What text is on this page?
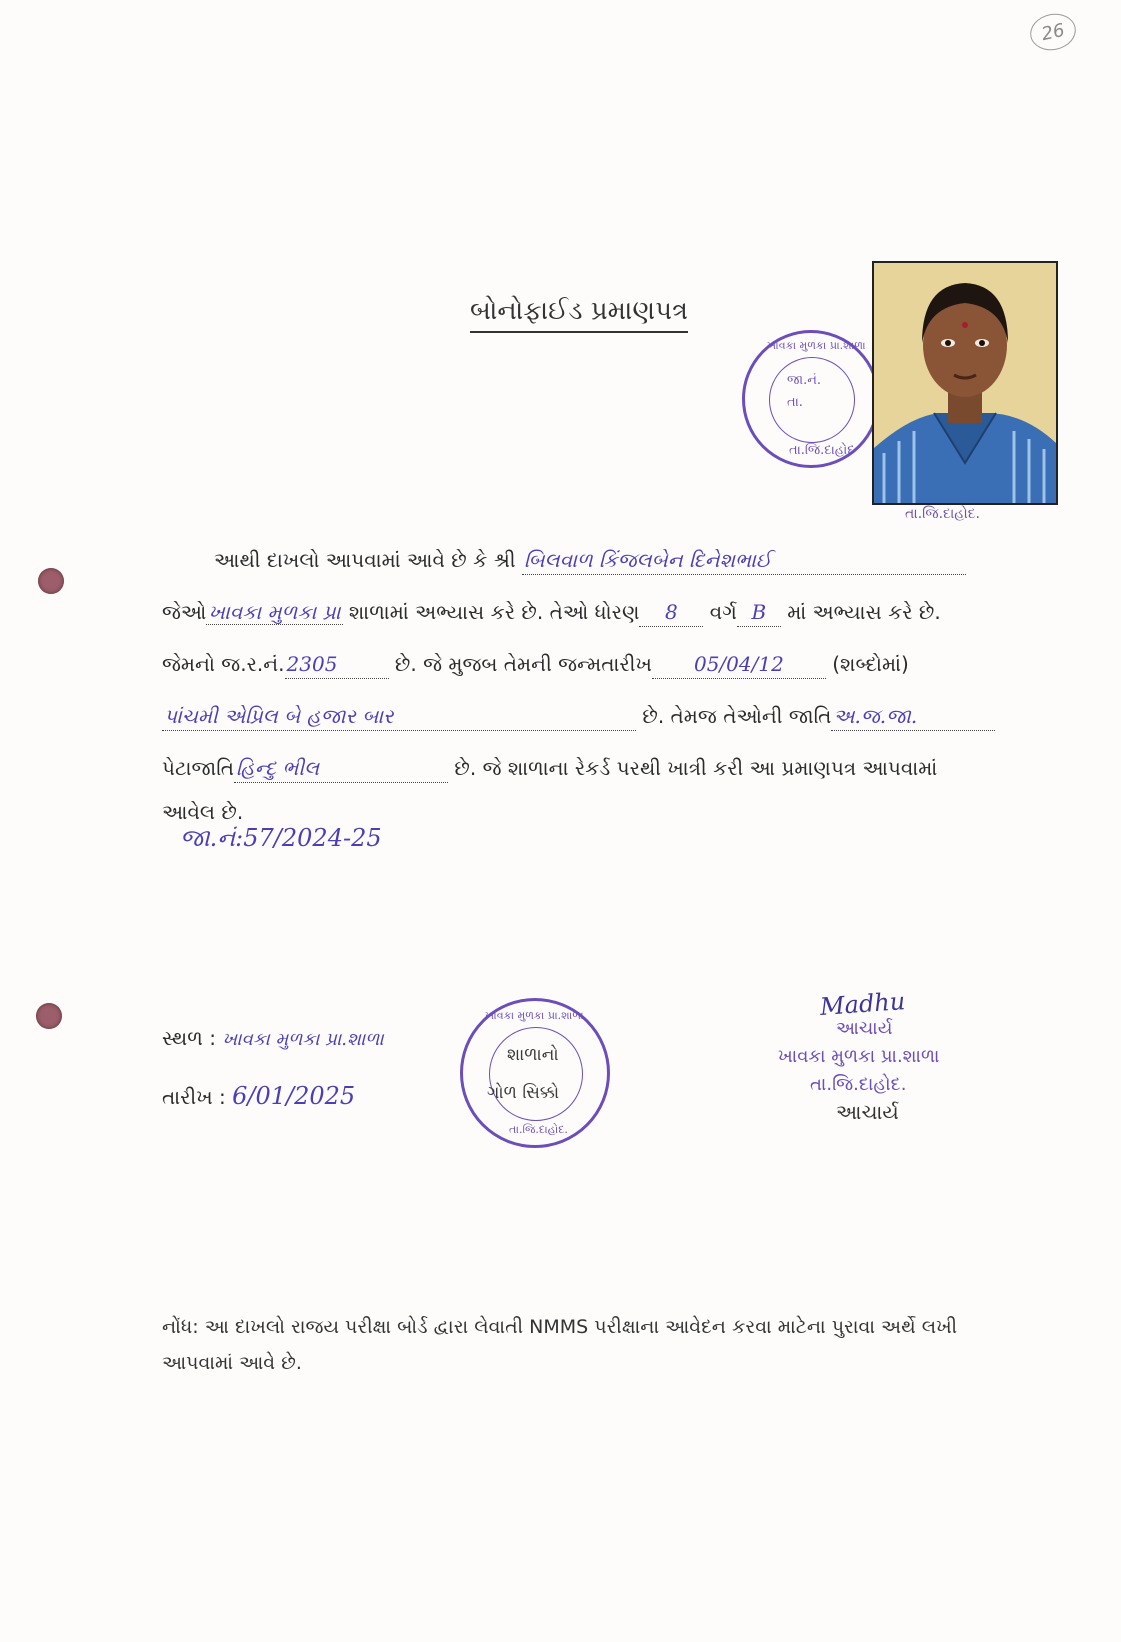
26
બોનોફાઈડ પ્રમાણપત્ર
ખાવકા મુળકા પ્રા.શાળા
જા.નં.
તા.
તા.જિ.દાહોદ
તા.જિ.દાહોદ.
આથી દાખલો આપવામાં આવે છે કે શ્રી બિલવાળ કિંજલબેન દિનેશભાઈ
જેઓ ખાવકા મુળકા પ્રા શાળામાં અભ્યાસ કરે છે. તેઓ ધોરણ 8 વર્ગ B માં અભ્યાસ કરે છે.
જેમનો જ.ર.નં. 2305	છે. જે મુજબ તેમની જન્મતારીખ 05/04/12 (શબ્દોમાં)
પાંચમી એપ્રિલ બે હજાર બાર	છે. તેમજ તેઓની જાતિ અ.જ.જા.
પેટાજાતિ હિન્દુ ભીલ	છે. જે શાળાના રેકર્ડ પરથી ખાત્રી કરી આ પ્રમાણપત્ર આપવામાં
આવેલ છે.
જા.નં:57/2024-25
સ્થળ : ખાવકા મુળકા પ્રા.શાળા
તારીખ : 6/01/2025
ખાવકા મુળકા પ્રા.શાળા
શાળાનો
ગોળ સિક્કો
તા.જિ.દાહોદ.
Madhu
આચાર્ય
ખાવકા મુળકા પ્રા.શાળા
તા.જિ.દાહોદ.
આચાર્ય
નોંધ: આ દાખલો રાજય પરીક્ષા બોર્ડ દ્વારા લેવાતી NMMS પરીક્ષાના આવેદન કરવા માટેના પુરાવા અર્થે લખી
આપવામાં આવે છે.
